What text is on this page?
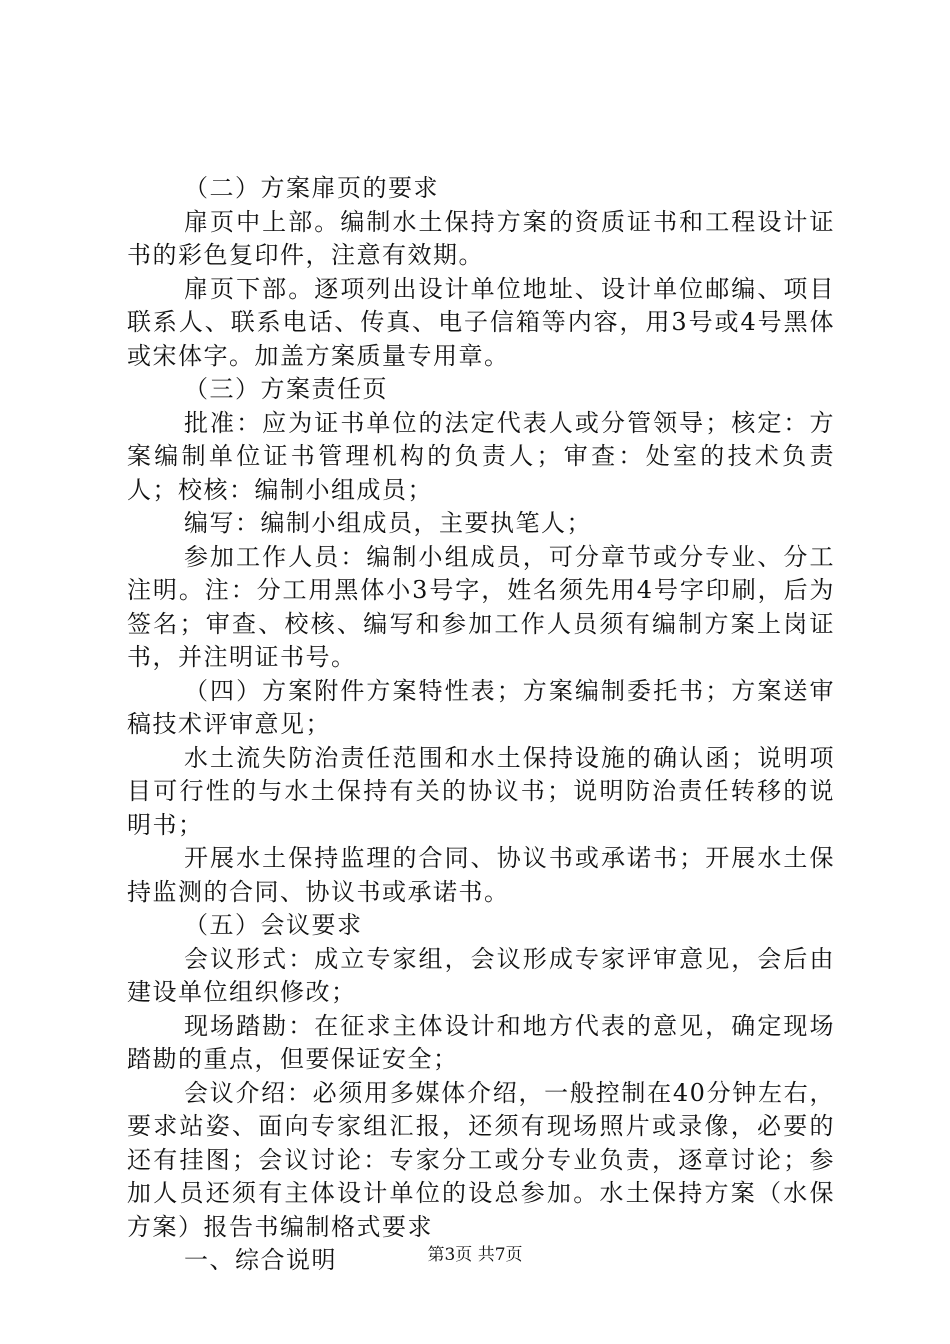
（二）方案扉页的要求

扉页中上部。编制水土保持方案的资质证书和工程设计证书的彩色复印件，注意有效期。

扉页下部。逐项列出设计单位地址、设计单位邮编、项目联系人、联系电话、传真、电子信箱等内容，用3号或4号黑体或宋体字。加盖方案质量专用章。

（三）方案责任页

批准：应为证书单位的法定代表人或分管领导；核定：方案编制单位证书管理机构的负责人；审查：处室的技术负责人；校核：编制小组成员；

编写：编制小组成员，主要执笔人；

参加工作人员：编制小组成员，可分章节或分专业、分工注明。注：分工用黑体小3号字，姓名须先用4号字印刷，后为签名；审查、校核、编写和参加工作人员须有编制方案上岗证书，并注明证书号。

（四）方案附件方案特性表；方案编制委托书；方案送审稿技术评审意见；

水土流失防治责任范围和水土保持设施的确认函；说明项目可行性的与水土保持有关的协议书；说明防治责任转移的说明书；

开展水土保持监理的合同、协议书或承诺书；开展水土保持监测的合同、协议书或承诺书。

（五）会议要求

会议形式：成立专家组，会议形成专家评审意见，会后由建设单位组织修改；

现场踏勘：在征求主体设计和地方代表的意见，确定现场踏勘的重点，但要保证安全；

会议介绍：必须用多媒体介绍，一般控制在40分钟左右，要求站姿、面向专家组汇报，还须有现场照片或录像，必要的还有挂图；会议讨论：专家分工或分专业负责，逐章讨论；参加人员还须有主体设计单位的设总参加。水土保持方案（水保方案）报告书编制格式要求

一、综合说明	第3页 共7页
